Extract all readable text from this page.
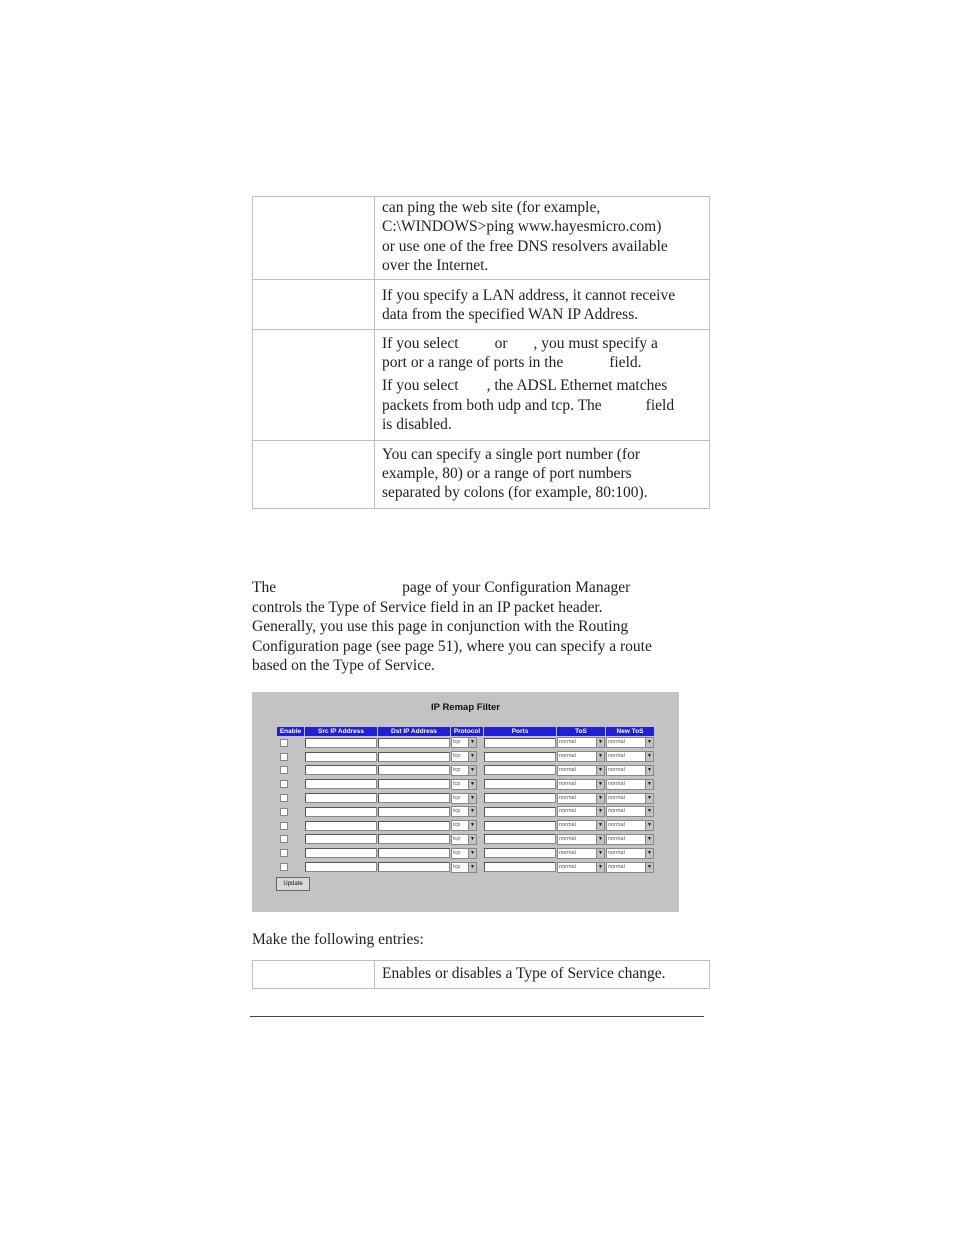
	can ping the web site (for example,
C:\WINDOWS>ping www.hayesmicro.com)
or use one of the free DNS resolvers available
over the Internet.

	If you specify a LAN address, it cannot receive
data from the specified WAN IP Address.

	If you select or , you must specify a
port or a range of ports in the field.

If you select , the ADSL Ethernet matches
packets from both udp and tcp. The field
is disabled.

	You can specify a single port number (for
example, 80) or a range of port numbers
separated by colons (for example, 80:100).
The	page of your Configuration Manager
controls the Type of Service field in an IP packet header.
Generally, you use this page in conjunction with the Routing
Configuration page (see page 51), where you can specify a route
based on the Type of Service.
IP Remap Filter
Enable	Src IP Address	Dst IP Address	Protocol	Ports	ToS	New ToS

			tcp ▼		normal ▼	normal ▼

			tcp ▼		normal ▼	normal ▼

			tcp ▼		normal ▼	normal ▼

			tcp ▼		normal ▼	normal ▼

			tcp ▼		normal ▼	normal ▼

			tcp ▼		normal ▼	normal ▼

			tcp ▼		normal ▼	normal ▼

			tcp ▼		normal ▼	normal ▼

			tcp ▼		normal ▼	normal ▼

			tcp ▼		normal ▼	normal ▼
Update
Make the following entries:
	Enables or disables a Type of Service change.
